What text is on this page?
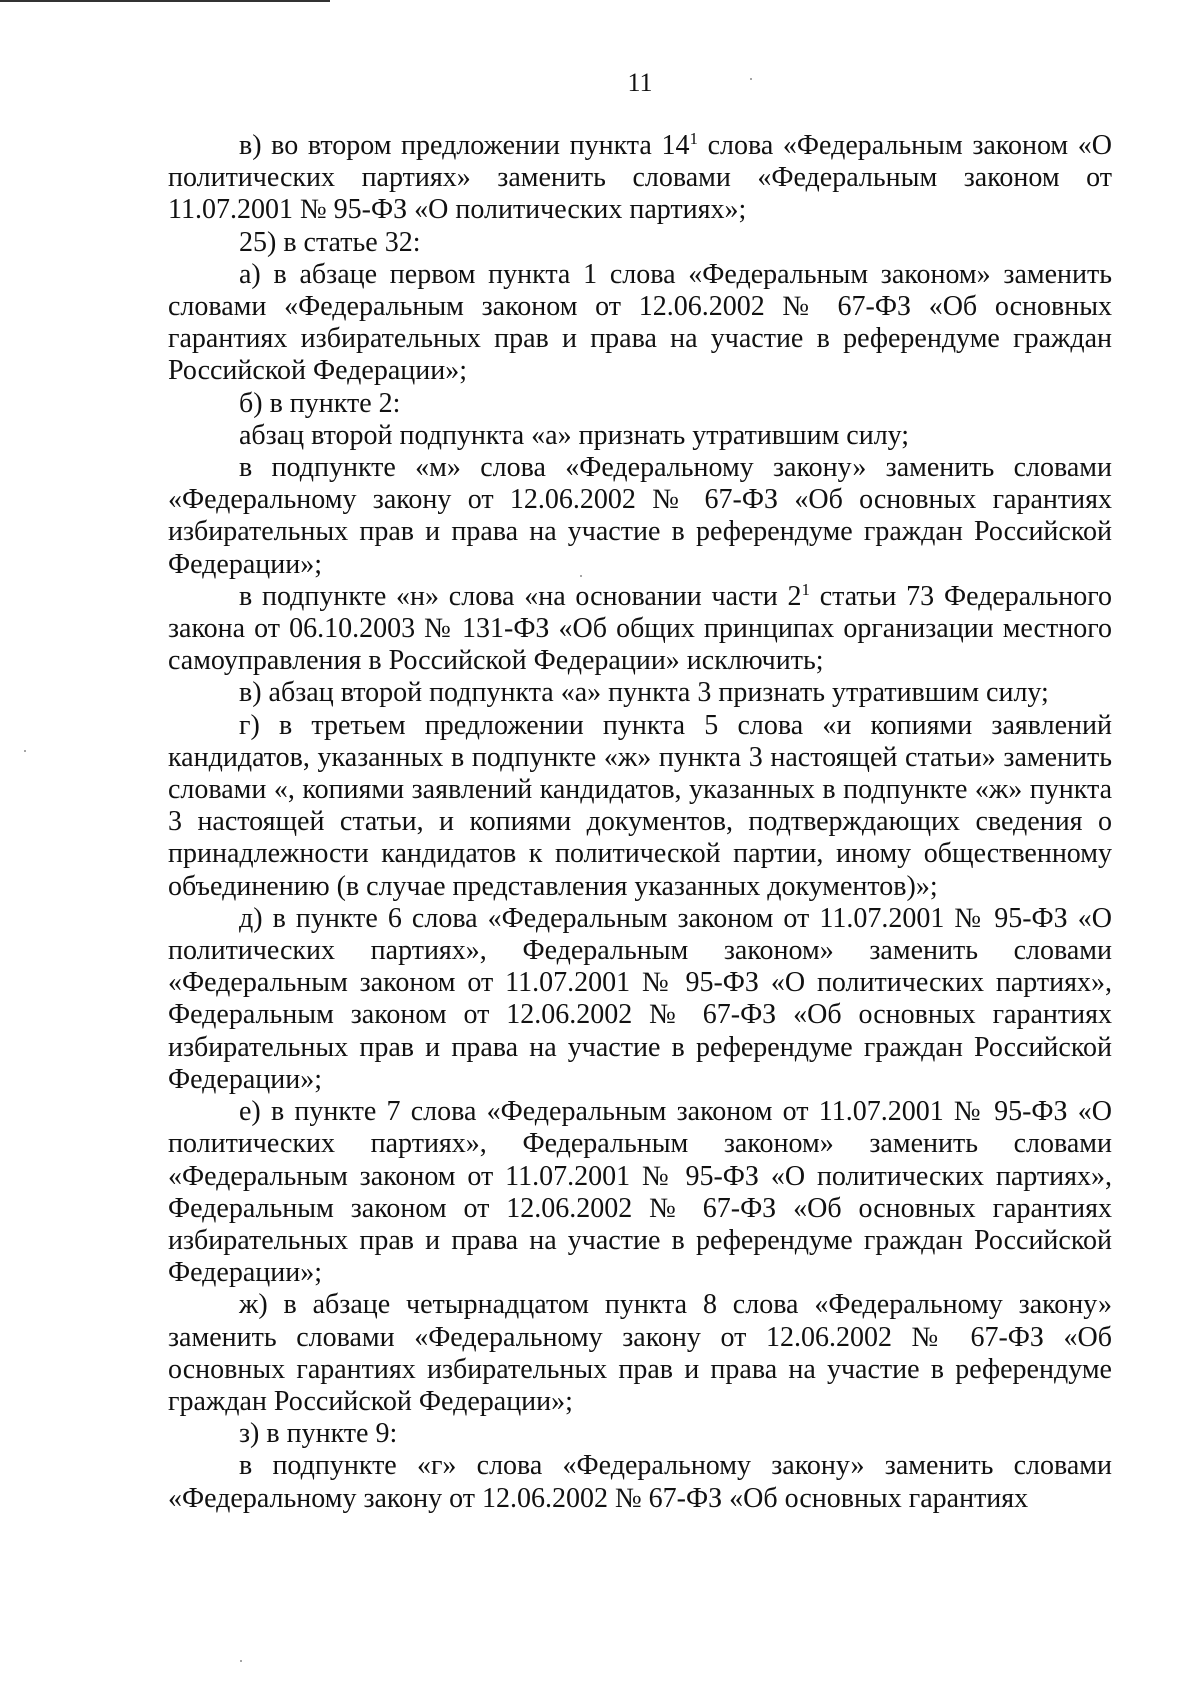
11

в) во втором предложении пункта $14^1$ слова «Федеральным законом «О политических партиях» заменить словами «Федеральным законом от 11.07.2001 № 95-ФЗ «О политических партиях»;

25) в статье 32:

а) в абзаце первом пункта 1 слова «Федеральным законом» заменить словами «Федеральным законом от 12.06.2002 № 67-ФЗ «Об основных гарантиях избирательных прав и права на участие в референдуме граждан Российской Федерации»;

б) в пункте 2:

абзац второй подпункта «а» признать утратившим силу;

в подпункте «м» слова «Федеральному закону» заменить словами «Федеральному закону от 12.06.2002 № 67-ФЗ «Об основных гарантиях избирательных прав и права на участие в референдуме граждан Российской Федерации»;

в подпункте «н» слова «на основании части $2^1$ статьи 73 Федерального закона от 06.10.2003 № 131-ФЗ «Об общих принципах организации местного самоуправления в Российской Федерации» исключить;

в) абзац второй подпункта «а» пункта 3 признать утратившим силу;

г) в третьем предложении пункта 5 слова «и копиями заявлений кандидатов, указанных в подпункте «ж» пункта 3 настоящей статьи» заменить словами «, копиями заявлений кандидатов, указанных в подпункте «ж» пункта 3 настоящей статьи, и копиями документов, подтверждающих сведения о принадлежности кандидатов к политической партии, иному общественному объединению (в случае представления указанных документов)»;

д) в пункте 6 слова «Федеральным законом от 11.07.2001 № 95-ФЗ «О политических партиях», Федеральным законом» заменить словами «Федеральным законом от 11.07.2001 № 95-ФЗ «О политических партиях», Федеральным законом от 12.06.2002 № 67-ФЗ «Об основных гарантиях избирательных прав и права на участие в референдуме граждан Российской Федерации»;

е) в пункте 7 слова «Федеральным законом от 11.07.2001 № 95-ФЗ «О политических партиях», Федеральным законом» заменить словами «Федеральным законом от 11.07.2001 № 95-ФЗ «О политических партиях», Федеральным законом от 12.06.2002 № 67-ФЗ «Об основных гарантиях избирательных прав и права на участие в референдуме граждан Российской Федерации»;

ж) в абзаце четырнадцатом пункта 8 слова «Федеральному закону» заменить словами «Федеральному закону от 12.06.2002 № 67-ФЗ «Об основных гарантиях избирательных прав и права на участие в референдуме граждан Российской Федерации»;

з) в пункте 9:

в подпункте «г» слова «Федеральному закону» заменить словами «Федеральному закону от 12.06.2002 № 67-ФЗ «Об основных гарантиях
